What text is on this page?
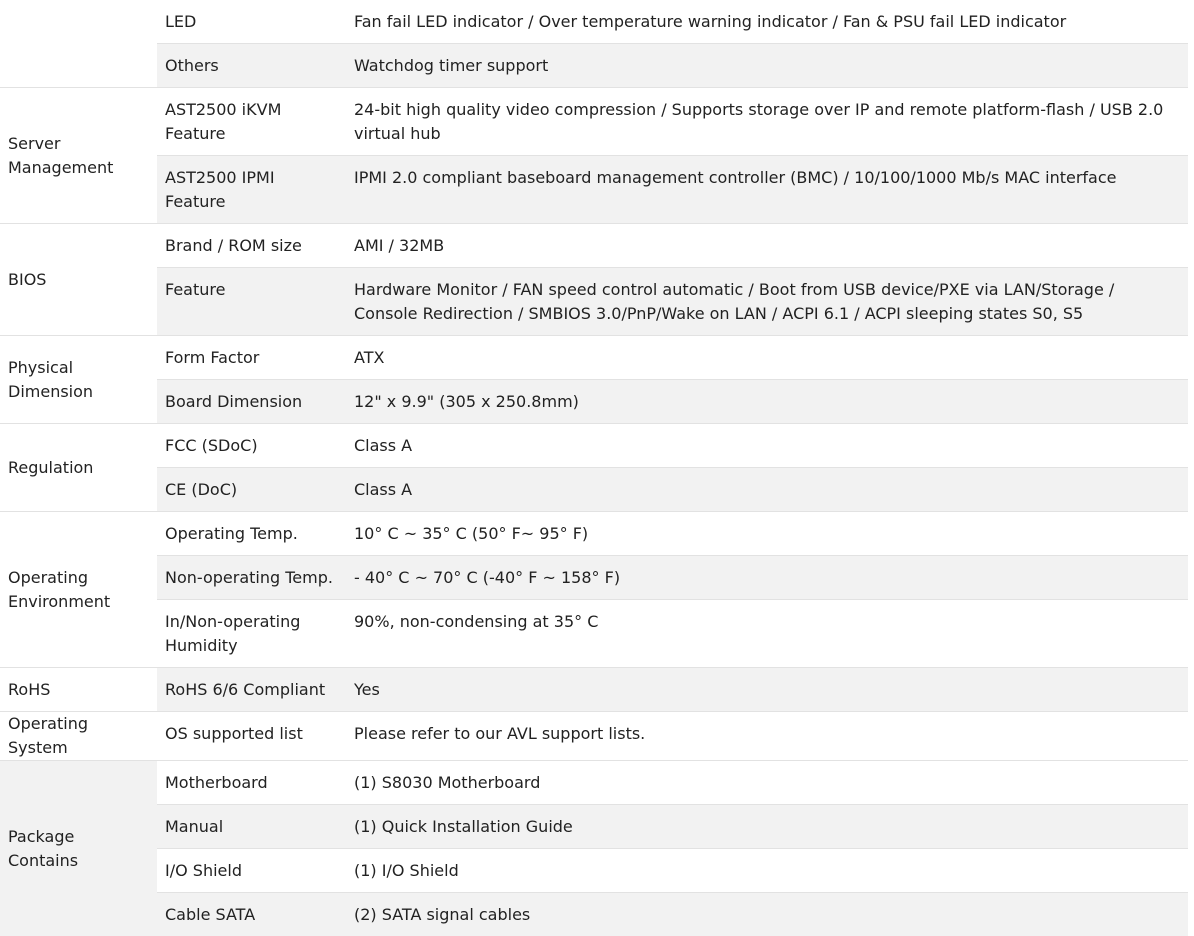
	LED	Fan fail LED indicator / Over temperature warning indicator / Fan & PSU fail LED indicator
	Others	Watchdog timer support
Server Management	AST2500 iKVM Feature	24-bit high quality video compression / Supports storage over IP and remote platform-flash / USB 2.0 virtual hub
	AST2500 IPMI Feature	IPMI 2.0 compliant baseboard management controller (BMC) / 10/100/1000 Mb/s MAC interface
BIOS	Brand / ROM size	AMI / 32MB
	Feature	Hardware Monitor / FAN speed control automatic / Boot from USB device/PXE via LAN/Storage / Console Redirection / SMBIOS 3.0/PnP/Wake on LAN / ACPI 6.1 / ACPI sleeping states S0, S5
Physical Dimension	Form Factor	ATX
	Board Dimension	12" x 9.9" (305 x 250.8mm)
Regulation	FCC (SDoC)	Class A
	CE (DoC)	Class A
Operating Environment	Operating Temp.	10° C ~ 35° C (50° F~ 95° F)
	Non-operating Temp.	- 40° C ~ 70° C (-40° F ~ 158° F)
	In/Non-operating Humidity	90%, non-condensing at 35° C
RoHS	RoHS 6/6 Compliant	Yes
Operating System	OS supported list	Please refer to our AVL support lists.
Package Contains	Motherboard	(1) S8030 Motherboard
	Manual	(1) Quick Installation Guide
	I/O Shield	(1) I/O Shield
	Cable SATA	(2) SATA signal cables
